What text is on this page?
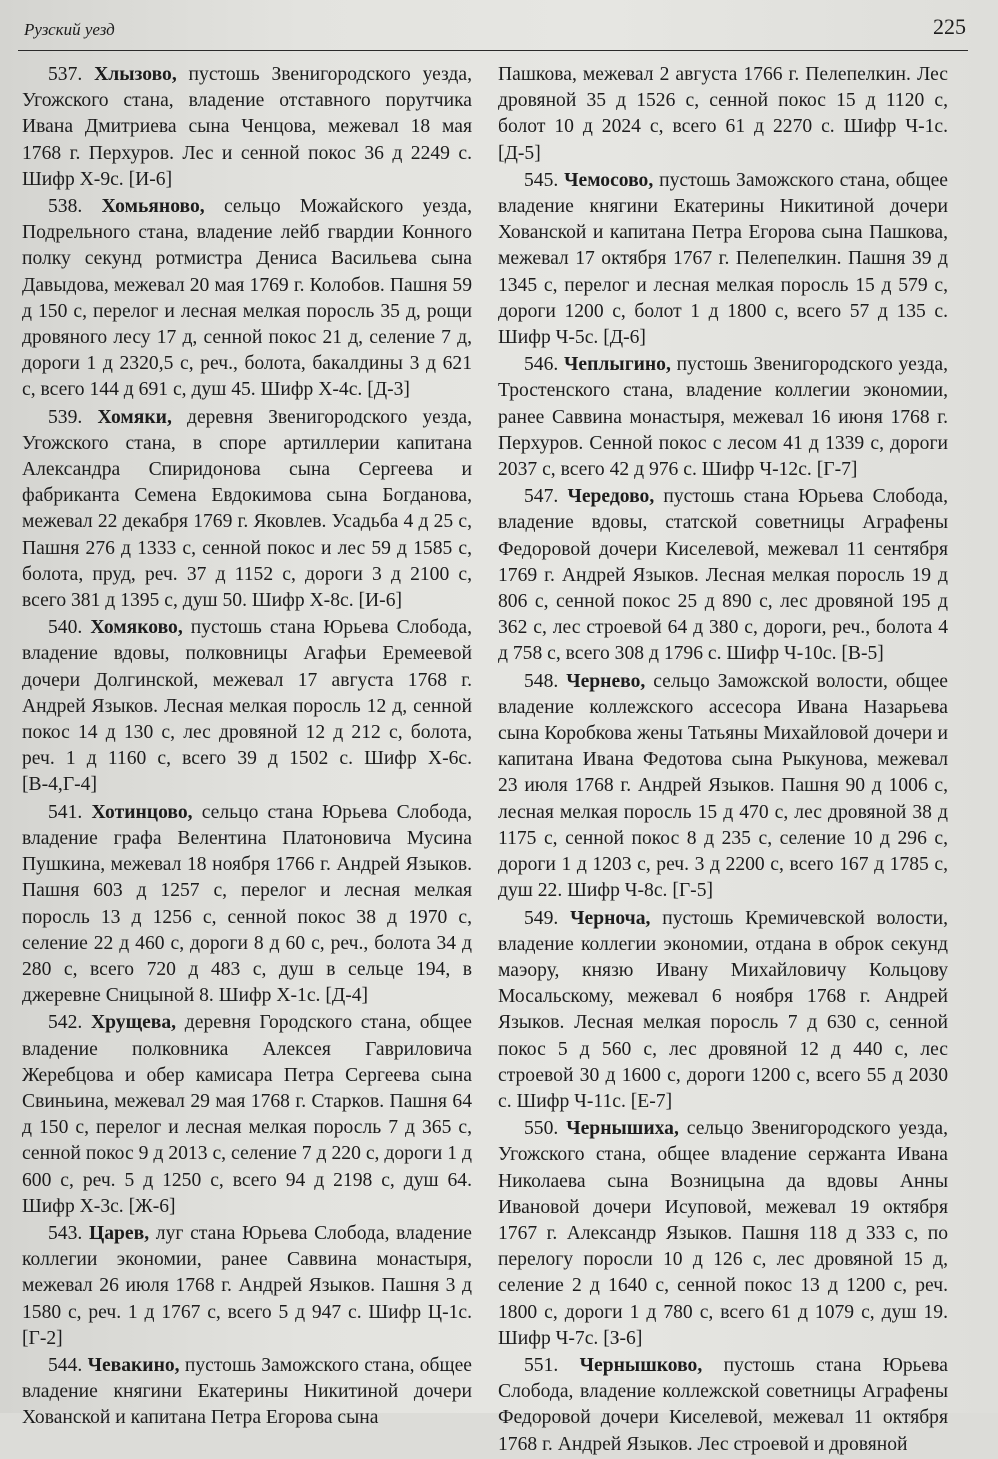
Рузский уезд	225

537. Хлызово, пустошь Звенигородского уезда, Угожского стана, владение отставного порутчика Ивана Дмитриева сына Ченцова, межевал 18 мая 1768 г. Перхуров. Лес и сенной покос 36 д 2249 с. Шифр Х-9с. [И-6]

538. Хомьяново, сельцо Можайского уезда, Подрельного стана, владение лейб гвардии Конного полку секунд ротмистра Дениса Васильева сына Давыдова, межевал 20 мая 1769 г. Колобов. Пашня 59 д 150 с, перелог и лесная мелкая поросль 35 д, рощи дровяного лесу 17 д, сенной покос 21 д, селение 7 д, дороги 1 д 2320,5 с, реч., болота, бакалдины 3 д 621 с, всего 144 д 691 с, душ 45. Шифр Х-4с. [Д-3]

539. Хомяки, деревня Звенигородского уезда, Угожского стана, в споре артиллерии капитана Александра Спиридонова сына Сергеева и фабриканта Семена Евдокимова сына Богданова, межевал 22 декабря 1769 г. Яковлев. Усадьба 4 д 25 с, Пашня 276 д 1333 с, сенной покос и лес 59 д 1585 с, болота, пруд, реч. 37 д 1152 с, дороги 3 д 2100 с, всего 381 д 1395 с, душ 50. Шифр Х-8с. [И-6]

540. Хомяково, пустошь стана Юрьева Слобода, владение вдовы, полковницы Агафьи Еремеевой дочери Долгинской, межевал 17 августа 1768 г. Андрей Языков. Лесная мелкая поросль 12 д, сенной покос 14 д 130 с, лес дровяной 12 д 212 с, болота, реч. 1 д 1160 с, всего 39 д 1502 с. Шифр Х-6с. [В-4,Г-4]

541. Хотинцово, сельцо стана Юрьева Слобода, владение графа Велентина Платоновича Мусина Пушкина, межевал 18 ноября 1766 г. Андрей Языков. Пашня 603 д 1257 с, перелог и лесная мелкая поросль 13 д 1256 с, сенной покос 38 д 1970 с, селение 22 д 460 с, дороги 8 д 60 с, реч., болота 34 д 280 с, всего 720 д 483 с, душ в сельце 194, в джеревне Сницыной 8. Шифр Х-1с. [Д-4]

542. Хрущева, деревня Городского стана, общее владение полковника Алексея Гавриловича Жеребцова и обер камисара Петра Сергеева сына Свиньина, межевал 29 мая 1768 г. Старков. Пашня 64 д 150 с, перелог и лесная мелкая поросль 7 д 365 с, сенной покос 9 д 2013 с, селение 7 д 220 с, дороги 1 д 600 с, реч. 5 д 1250 с, всего 94 д 2198 с, душ 64. Шифр Х-3с. [Ж-6]

543. Царев, луг стана Юрьева Слобода, владение коллегии экономии, ранее Саввина монастыря, межевал 26 июля 1768 г. Андрей Языков. Пашня 3 д 1580 с, реч. 1 д 1767 с, всего 5 д 947 с. Шифр Ц-1с. [Г-2]

544. Чевакино, пустошь Заможского стана, общее владение княгини Екатерины Никитиной дочери Хованской и капитана Петра Егорова сына

Пашкова, межевал 2 августа 1766 г. Пелепелкин. Лес дровяной 35 д 1526 с, сенной покос 15 д 1120 с, болот 10 д 2024 с, всего 61 д 2270 с. Шифр Ч-1с. [Д-5]

545. Чемосово, пустошь Заможского стана, общее владение княгини Екатерины Никитиной дочери Хованской и капитана Петра Егорова сына Пашкова, межевал 17 октября 1767 г. Пелепелкин. Пашня 39 д 1345 с, перелог и лесная мелкая поросль 15 д 579 с, дороги 1200 с, болот 1 д 1800 с, всего 57 д 135 с. Шифр Ч-5с. [Д-6]

546. Чеплыгино, пустошь Звенигородского уезда, Тростенского стана, владение коллегии экономии, ранее Саввина монастыря, межевал 16 июня 1768 г. Перхуров. Сенной покос с лесом 41 д 1339 с, дороги 2037 с, всего 42 д 976 с. Шифр Ч-12с. [Г-7]

547. Чередово, пустошь стана Юрьева Слобода, владение вдовы, статской советницы Аграфены Федоровой дочери Киселевой, межевал 11 сентября 1769 г. Андрей Языков. Лесная мелкая поросль 19 д 806 с, сенной покос 25 д 890 с, лес дровяной 195 д 362 с, лес строевой 64 д 380 с, дороги, реч., болота 4 д 758 с, всего 308 д 1796 с. Шифр Ч-10с. [В-5]

548. Чернево, сельцо Заможской волости, общее владение коллежского ассесора Ивана Назарьева сына Коробкова жены Татьяны Михайловой дочери и капитана Ивана Федотова сына Рыкунова, межевал 23 июля 1768 г. Андрей Языков. Пашня 90 д 1006 с, лесная мелкая поросль 15 д 470 с, лес дровяной 38 д 1175 с, сенной покос 8 д 235 с, селение 10 д 296 с, дороги 1 д 1203 с, реч. 3 д 2200 с, всего 167 д 1785 с, душ 22. Шифр Ч-8с. [Г-5]

549. Черноча, пустошь Кремичевской волости, владение коллегии экономии, отдана в оброк секунд маэору, князю Ивану Михайловичу Кольцову Мосальскому, межевал 6 ноября 1768 г. Андрей Языков. Лесная мелкая поросль 7 д 630 с, сенной покос 5 д 560 с, лес дровяной 12 д 440 с, лес строевой 30 д 1600 с, дороги 1200 с, всего 55 д 2030 с. Шифр Ч-11с. [Е-7]

550. Чернышиха, сельцо Звенигородского уезда, Угожского стана, общее владение сержанта Ивана Николаева сына Возницына да вдовы Анны Ивановой дочери Исуповой, межевал 19 октября 1767 г. Александр Языков. Пашня 118 д 333 с, по перелогу поросли 10 д 126 с, лес дровяной 15 д, селение 2 д 1640 с, сенной покос 13 д 1200 с, реч. 1800 с, дороги 1 д 780 с, всего 61 д 1079 с, душ 19. Шифр Ч-7с. [З-6]

551. Чернышково, пустошь стана Юрьева Слобода, владение коллежской советницы Аграфены Федоровой дочери Киселевой, межевал 11 октября 1768 г. Андрей Языков. Лес строевой и дровяной
